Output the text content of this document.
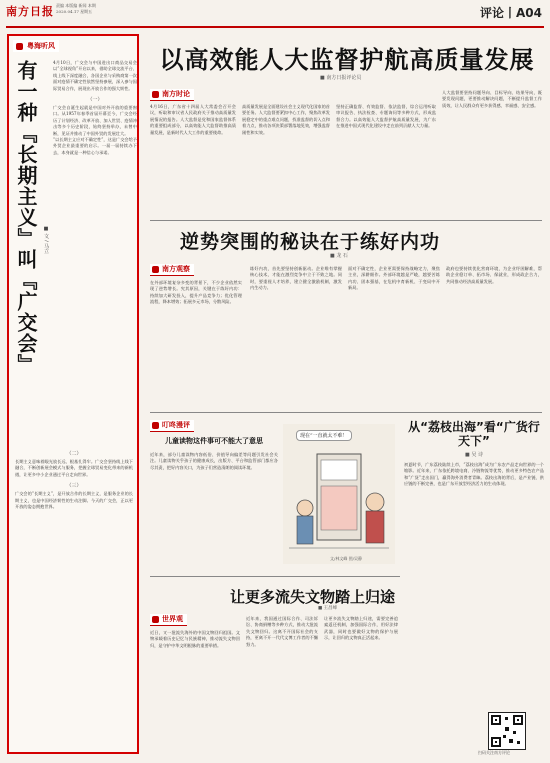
南方日报 责编 本版编 新闻 本期
2020.04.17 星期五	评论丨A04
粤海听风
有一种『长期主义』叫『广交会』 ■ 文 / 马立
4月10日，广交会与中国进出口商品交易会以“全球视角”开启以来，借助全球交流平台、线上线下深度融合，各国企业与采购商第一次面对疫情不确定性依然坚持参展，深入参与国际贸易合作，展现出开放合作的强大韧性。
（一）
广交会自诞生起就是中国对外开放的重要窗口。从1957年春季首届开幕至今，广交会经历了计划经济、改革开放、加入世贸、疫情冲击等多个历史阶段，始终坚持举办，未曾中断，见证并推动了中国外贸的发展壮大。
“以长期主义应对不确定性”，这是广交会给予外贸企业最重要的启示。一届一届持续办下去，本身就是一种信心与承诺。
（二）
长期主义意味着眼光放长远、根基扎得牢。广交会坚持线上线下融合，不断创新展会模式与服务，把握全球贸易变化带来的新机遇，让更多中小企业通过平台走向世界。
（三）
广交会的“长期主义”，是开放合作的长期主义，是服务企业的长期主义，也是中国经济韧性的生动注脚。今天的广交会，正以更开放的姿态拥抱世界。
以高效能人大监督护航高质量发展
■ 南方日报评论员
南方时论
4月16日，广东省十四届人大常委会召开会议，听取和审议省人民政府关于推动高质量发展情况的报告。人大监督是党和国家监督体系的重要组成部分，以高效能人大监督助推高质量发展，是新时代人大工作的重要使命。
高质量发展是全面建设社会主义现代化国家的首要任务。人大监督要紧扣中心工作，聚焦改革发展稳定中的重点难点问题，找准监督的切入点和着力点，推动各项决策部署落地见效，增强监督刚性和实效。
坚持正确监督、有效监督、依法监督，综合运用听取审议报告、执法检查、专题询问等多种方式，形成监督合力。以高效能人大监督护航高质量发展，为广东在推进中国式现代化建设中走在前列贡献人大力量。
人大监督要坚持问题导向、目标导向、结果导向，既要发现问题，更要推动解决问题，不断提升监督工作质效，让人民群众有更多获得感、幸福感、安全感。
逆势突围的秘诀在于练好内功
■ 龙 石
南方观察
在外部环境复杂多变的背景下，不少企业依然实现了逆势增长。究其原因，关键在于练好内功：持续加大研发投入，提升产品竞争力；优化管理流程，降本增效；拓展多元市场，分散风险。
练好内功，首先要坚持创新驱动。企业唯有掌握核心技术，才能在激烈竞争中立于不败之地。同时，要重视人才培养，建立健全激励机制，激发内生动力。
面对不确定性，企业更需要保持战略定力，聚焦主业，深耕细作。外部环境越是严峻，越要苦练内功、固本强基，在危机中育新机、于变局中开新局。
政府也要持续优化营商环境，为企业纾困解难，帮助企业稳订单、拓市场、保就业，形成政企合力，共同推动经济高质量发展。
叮咚漫评
儿童读物这件事可不能大了意思
近年来，部分儿童读物内容低俗、价值导向偏差等问题引发社会关注。儿童读物关乎孩子的健康成长，出版方、平台和监管部门都应各尽其责，把好内容关口，为孩子们营造清朗的阅读环境。
现在“一直就太不难！
文/林文峰 图/吴静
从“荔枝出海”看“广货行天下”
■ 吴 诗
初夏时节，广东荔枝陆续上市，“荔枝出海”成为广东农产品走向世界的一个缩影。近年来，广东依托跨境电商、冷链物流等优势，推动更多特色农产品和“广货”走出国门，赢得海外消费者青睐。荔枝出海的背后，是产业链、供应链的不断完善，也是广东开放型经济活力的生动体现。
让更多流失文物踏上归途
■ 王昌峰
世界观
近日，又一批流失海外的中国文物回归祖国。文物承载着历史记忆与民族精神，推动流失文物回归，是守护中华文明根脉的重要举措。
近年来，我国通过国际合作、司法诉讼、协商捐赠等多种方式，推动大批流失文物回归。这离不开国际社会的支持，更离不开一代代文博工作者的不懈努力。
让更多流失文物踏上归途，需要完善追索返还机制，加强国际合作，用好法律武器，同时也要做好文物的保护与展示，让回归的文物真正活起来。
扫码关注南方评论
